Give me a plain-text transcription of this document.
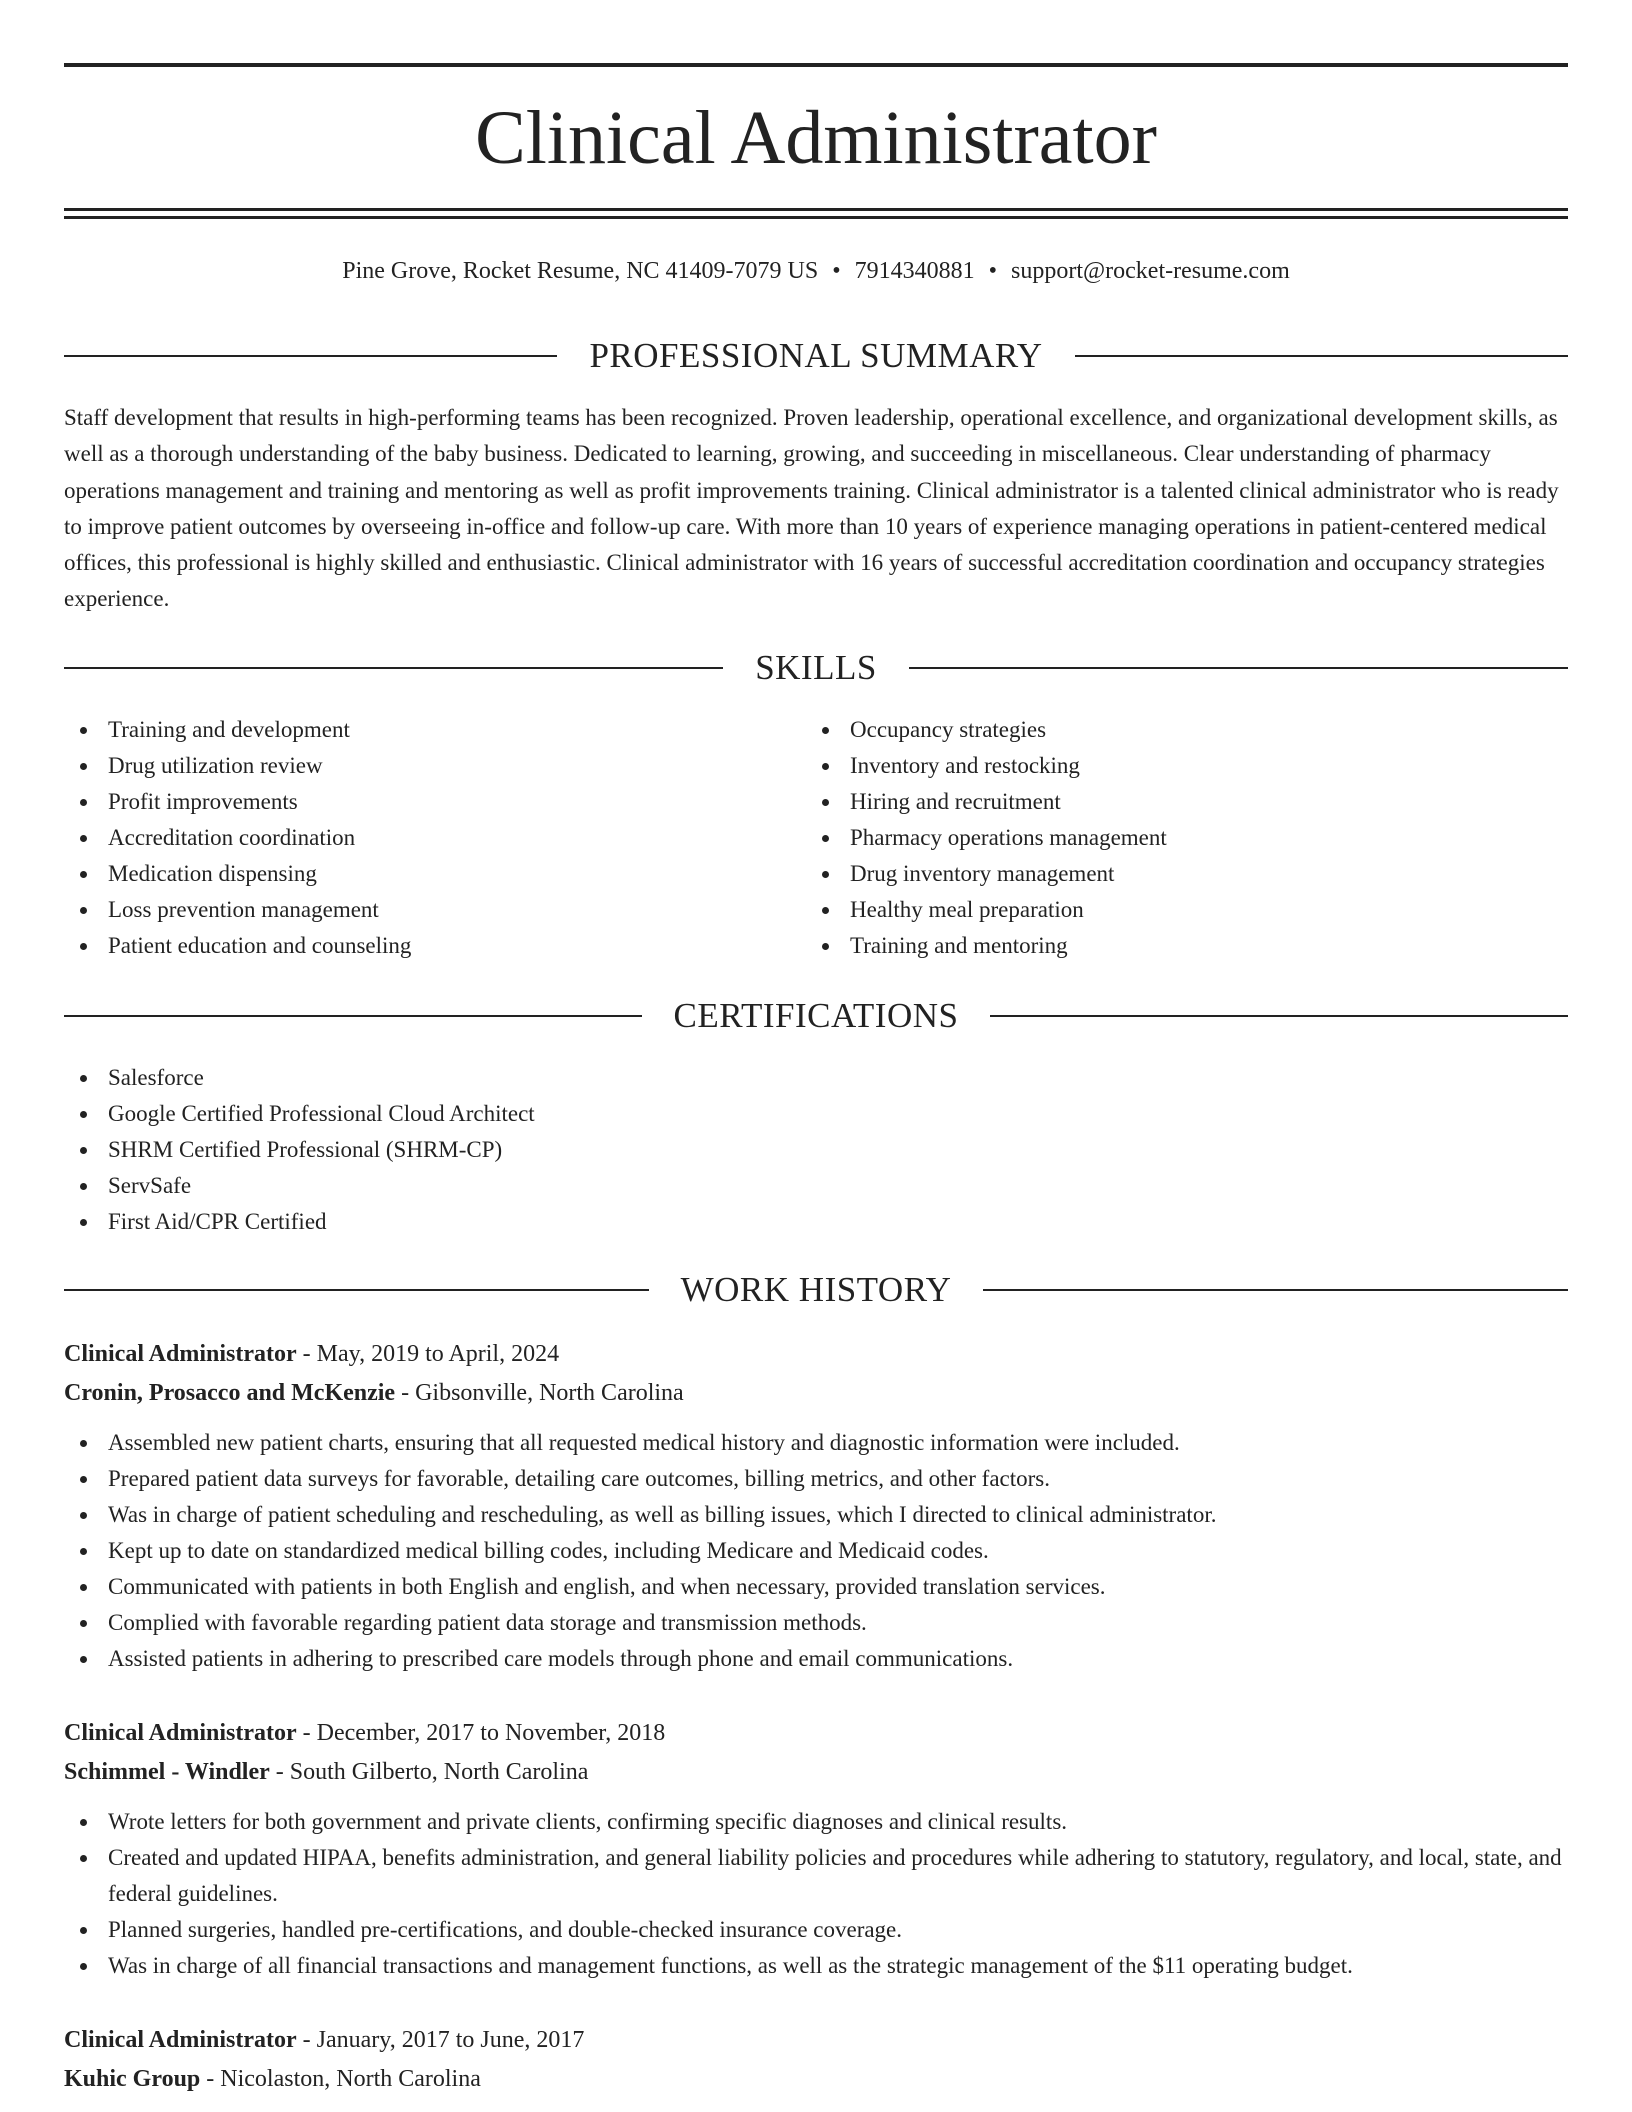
Clinical Administrator
Pine Grove, Rocket Resume, NC 41409-7079 US • 7914340881 • support@rocket-resume.com
PROFESSIONAL SUMMARY

Staff development that results in high-performing teams has been recognized. Proven leadership, operational excellence, and organizational development skills, as well as a thorough understanding of the baby business. Dedicated to learning, growing, and succeeding in miscellaneous. Clear understanding of pharmacy operations management and training and mentoring as well as profit improvements training. Clinical administrator is a talented clinical administrator who is ready to improve patient outcomes by overseeing in-office and follow-up care. With more than 10 years of experience managing operations in patient-centered medical offices, this professional is highly skilled and enthusiastic. Clinical administrator with 16 years of successful accreditation coordination and occupancy strategies experience.

SKILLS
Training and development
Drug utilization review
Profit improvements
Accreditation coordination
Medication dispensing
Loss prevention management
Patient education and counseling
Occupancy strategies
Inventory and restocking
Hiring and recruitment
Pharmacy operations management
Drug inventory management
Healthy meal preparation
Training and mentoring
CERTIFICATIONS
Salesforce
Google Certified Professional Cloud Architect
SHRM Certified Professional (SHRM-CP)
ServSafe
First Aid/CPR Certified
WORK HISTORY
Clinical Administrator - May, 2019 to April, 2024
Cronin, Prosacco and McKenzie - Gibsonville, North Carolina
Assembled new patient charts, ensuring that all requested medical history and diagnostic information were included.
Prepared patient data surveys for favorable, detailing care outcomes, billing metrics, and other factors.
Was in charge of patient scheduling and rescheduling, as well as billing issues, which I directed to clinical administrator.
Kept up to date on standardized medical billing codes, including Medicare and Medicaid codes.
Communicated with patients in both English and english, and when necessary, provided translation services.
Complied with favorable regarding patient data storage and transmission methods.
Assisted patients in adhering to prescribed care models through phone and email communications.
Clinical Administrator - December, 2017 to November, 2018
Schimmel - Windler - South Gilberto, North Carolina
Wrote letters for both government and private clients, confirming specific diagnoses and clinical results.
Created and updated HIPAA, benefits administration, and general liability policies and procedures while adhering to statutory, regulatory, and local, state, and federal guidelines.
Planned surgeries, handled pre-certifications, and double-checked insurance coverage.
Was in charge of all financial transactions and management functions, as well as the strategic management of the $11 operating budget.
Clinical Administrator - January, 2017 to June, 2017
Kuhic Group - Nicolaston, North Carolina
